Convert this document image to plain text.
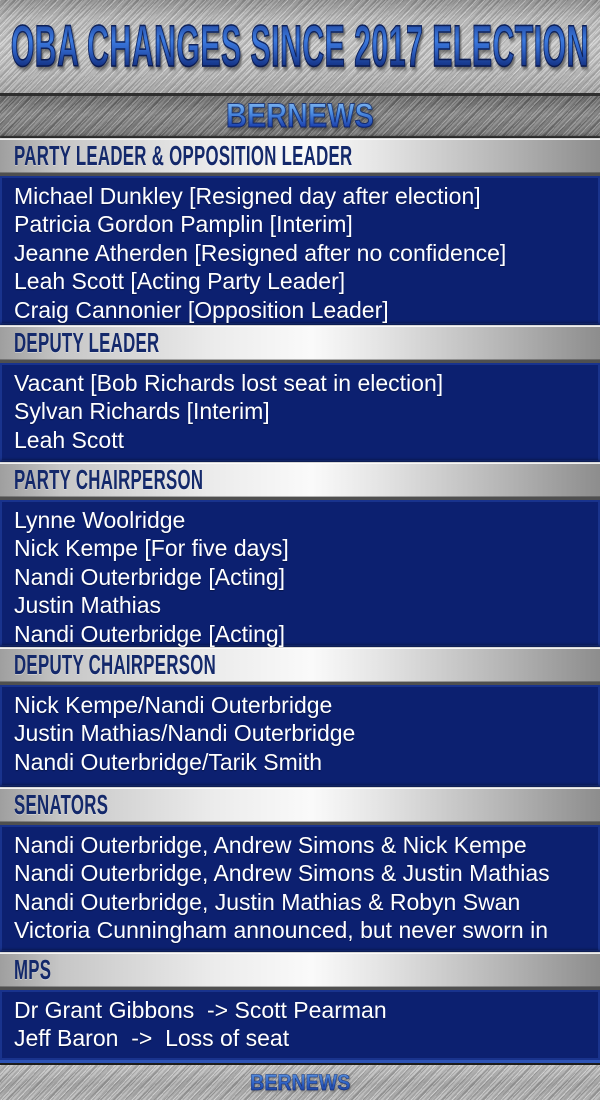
OBA CHANGES SINCE 2017 ELECTION
BERNEWS
PARTY LEADER & OPPOSITION LEADER
Michael Dunkley [Resigned day after election]
Patricia Gordon Pamplin [Interim]
Jeanne Atherden [Resigned after no confidence]
Leah Scott [Acting Party Leader]
Craig Cannonier [Opposition Leader]
DEPUTY LEADER
Vacant [Bob Richards lost seat in election]
Sylvan Richards [Interim]
Leah Scott
PARTY CHAIRPERSON
Lynne Woolridge
Nick Kempe [For five days]
Nandi Outerbridge [Acting]
Justin Mathias
Nandi Outerbridge [Acting]
DEPUTY CHAIRPERSON
Nick Kempe/Nandi Outerbridge
Justin Mathias/Nandi Outerbridge
Nandi Outerbridge/Tarik Smith
SENATORS
Nandi Outerbridge, Andrew Simons & Nick Kempe
Nandi Outerbridge, Andrew Simons & Justin Mathias
Nandi Outerbridge, Justin Mathias & Robyn Swan
Victoria Cunningham announced, but never sworn in
MPS
Dr Grant Gibbons  -> Scott Pearman
Jeff Baron  ->  Loss of seat
BERNEWS
